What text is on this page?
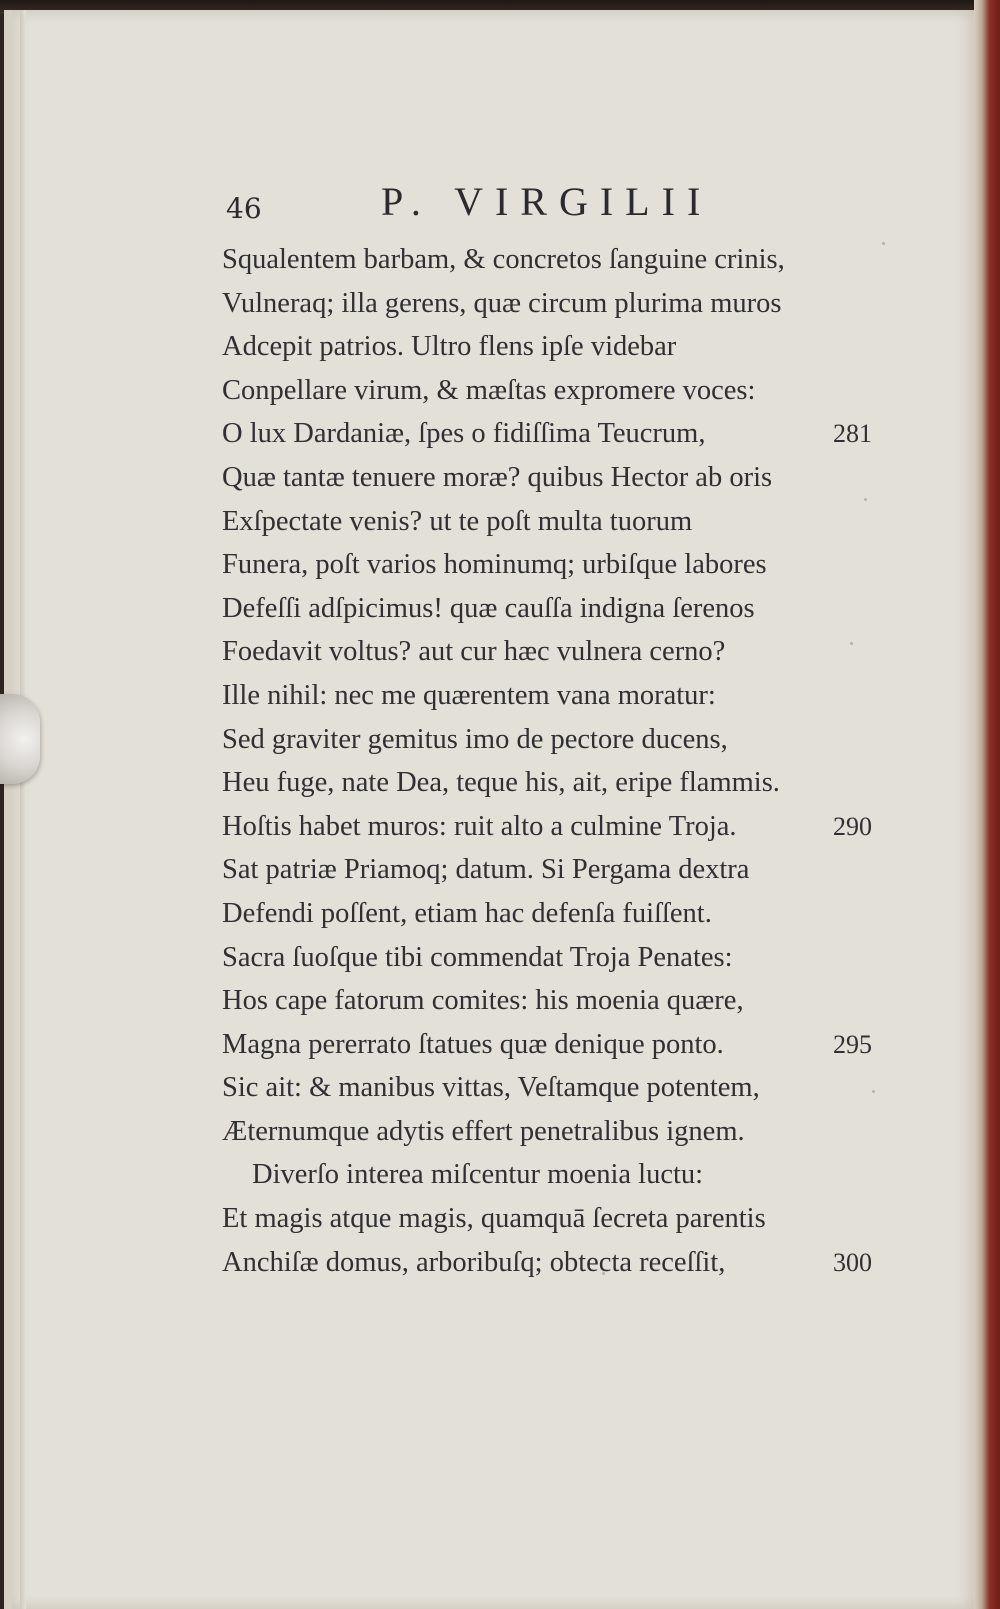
46	P. VIRGILII
Squalentem barbam, & concretos ſanguine crinis,
Vulneraq; illa gerens, quæ circum plurima muros
Adcepit patrios. Ultro flens ipſe videbar
Conpellare virum, & mæſtas expromere voces:
O lux Dardaniæ, ſpes o fidiſſima Teucrum,	281
Quæ tantæ tenuere moræ? quibus Hector ab oris
Exſpectate venis? ut te poſt multa tuorum
Funera, poſt varios hominumq; urbiſque labores
Defeſſi adſpicimus! quæ cauſſa indigna ſerenos
Foedavit voltus? aut cur hæc vulnera cerno?
Ille nihil: nec me quærentem vana moratur:
Sed graviter gemitus imo de pectore ducens,
Heu fuge, nate Dea, teque his, ait, eripe flammis.
Hoſtis habet muros: ruit alto a culmine Troja.	290
Sat patriæ Priamoq; datum. Si Pergama dextra
Defendi poſſent, etiam hac defenſa fuiſſent.
Sacra ſuoſque tibi commendat Troja Penates:
Hos cape fatorum comites: his moenia quære,
Magna pererrato ſtatues quæ denique ponto.	295
Sic ait: & manibus vittas, Veſtamque potentem,
Æternumque adytis effert penetralibus ignem.
Diverſo interea miſcentur moenia luctu:
Et magis atque magis, quamquā ſecreta parentis
Anchiſæ domus, arboribuſq; obtecta receſſit,	300
